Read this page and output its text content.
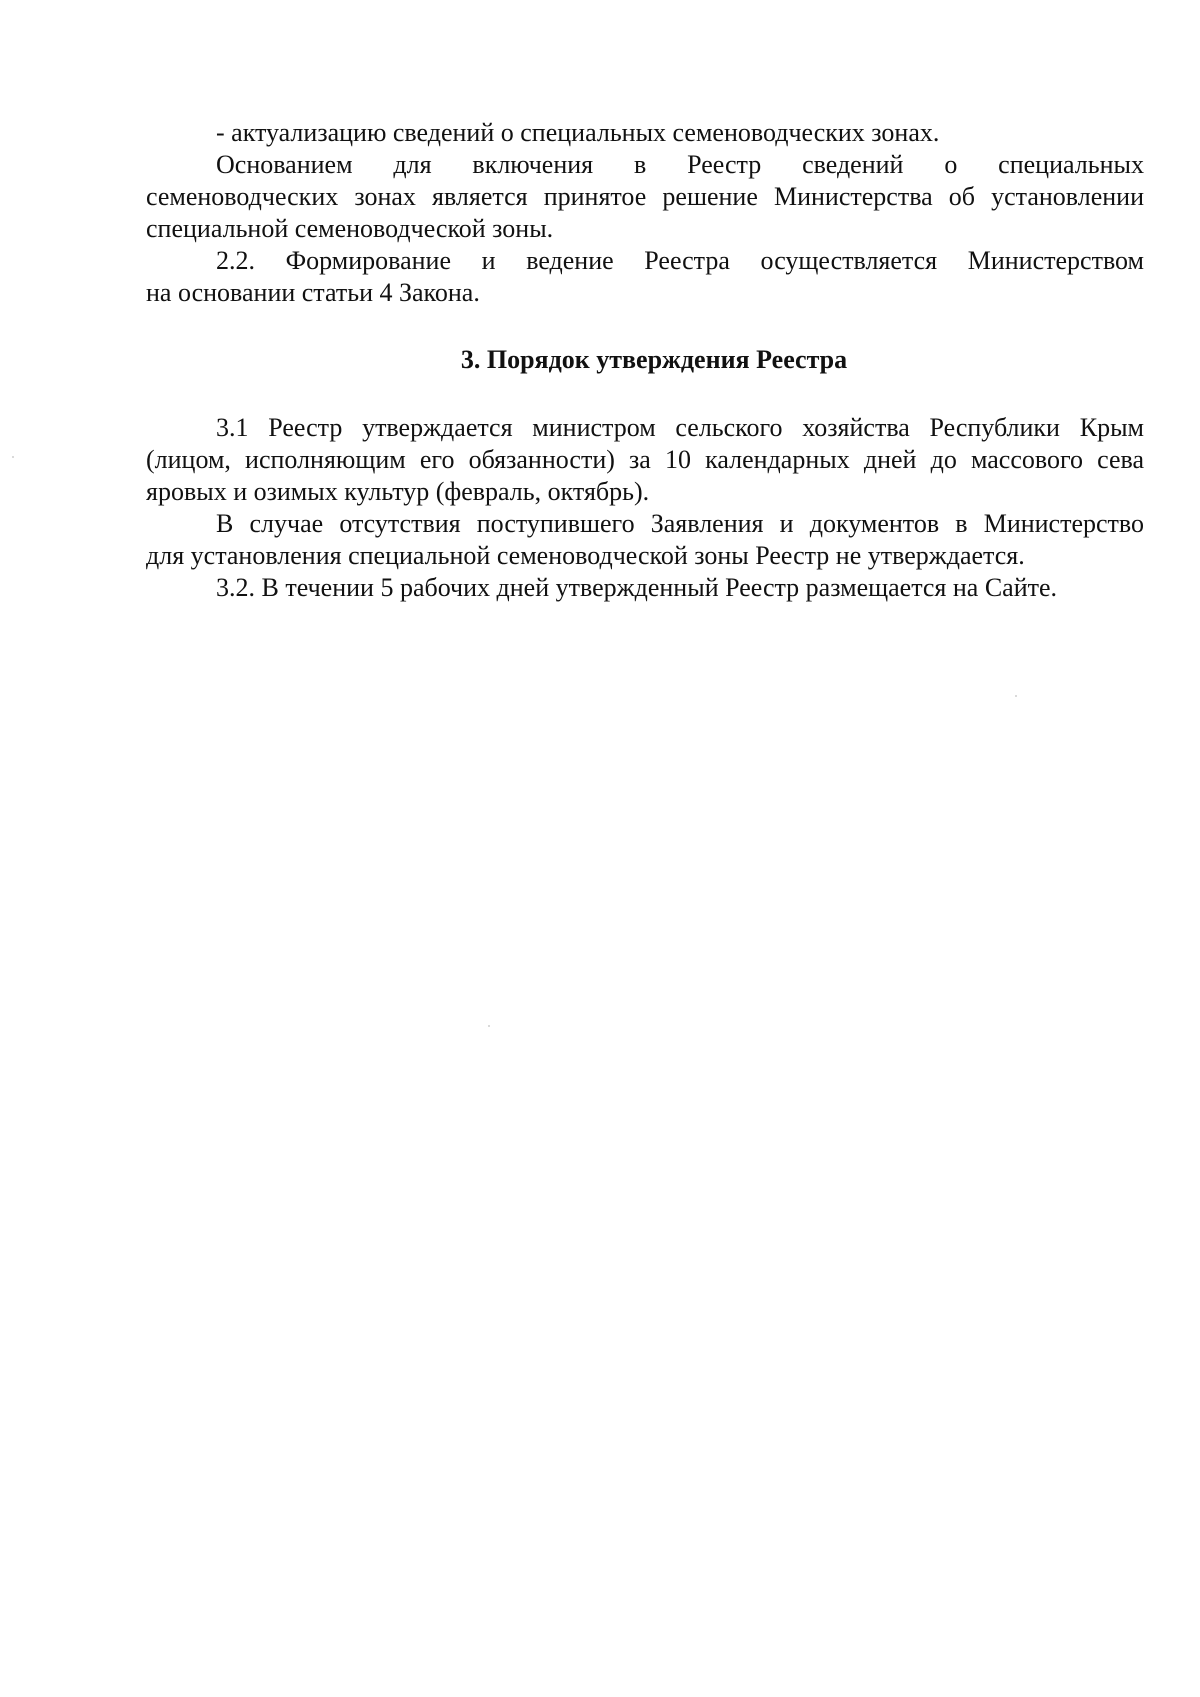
- актуализацию сведений о специальных семеноводческих зонах.
Основанием для включения в Реестр сведений о специальных
семеноводческих зонах является принятое решение Министерства об установлении
специальной семеноводческой зоны.
2.2. Формирование и ведение Реестра осуществляется Министерством
на основании статьи 4 Закона.
3. Порядок утверждения Реестра
3.1 Реестр утверждается министром сельского хозяйства Республики Крым
(лицом, исполняющим его обязанности) за 10 календарных дней до массового сева
яровых и озимых культур (февраль, октябрь).
В случае отсутствия поступившего Заявления и документов в Министерство
для установления специальной семеноводческой зоны Реестр не утверждается.
3.2. В течении 5 рабочих дней утвержденный Реестр размещается на Сайте.
